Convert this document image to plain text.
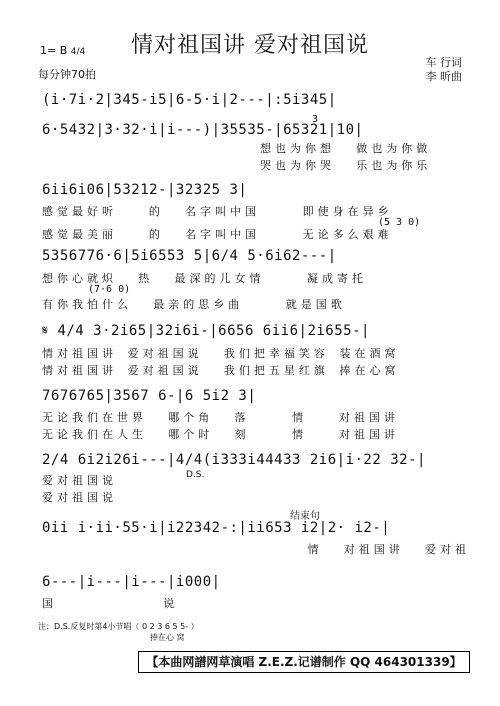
情对祖国讲 爱对祖国说
1= B 4/4
每分钟70拍
车 行词
李 昕曲
(i·7i·2|345-i5|6-5·i|2---|:5i345|
6·5432|3·32·i|i---)|35535-|65321|10|
3
想也为你想  做也为你做
哭也为你哭  乐也为你乐
6ii6i06|53212-|32325 3|
感觉最好听   的  名字叫中国    即使身在异乡
(5 3 0)
感觉最美丽   的  名字叫中国    无论多么艰难
5356776·6|5i6553 5|6/4 5·6i62---|
想你心就炽  热  最深的儿女情    凝成寄托
(7·6 0)
有你我怕什么  最亲的思乡曲    就是国歌
𝄋 4/4 3·2i65|32i6i-|6656 6ii6|2i655-|
情对祖国讲 爱对祖国说  我们把幸福笑容 装在酒窝
情对祖国讲 爱对祖国说  我们把五星红旗 捧在心窝
7676765|3567 6-|6 5i2 3|
无论我们在世界  哪个角  落    情   对祖国讲
无论我们在人生  哪个时  刻    情   对祖国讲
2/4 6i2i26i---|4/4(i333i44433 2i6|i·22 32-|
D.S.
爱对祖国说
爱对祖国说
结束句
0ii i·ii·55·i|i22342-:|ii653 i2|2· i2-|
情  对祖国讲  爱对祖
6---|i---|i---|i000|
国          说
注：D.S.反复时第4小节唱（ 0 2 3 6 5 5- ）
捧在心 窝
【本曲网譜网草演唱 Z.E.Z.记谱制作 QQ 464301339】
